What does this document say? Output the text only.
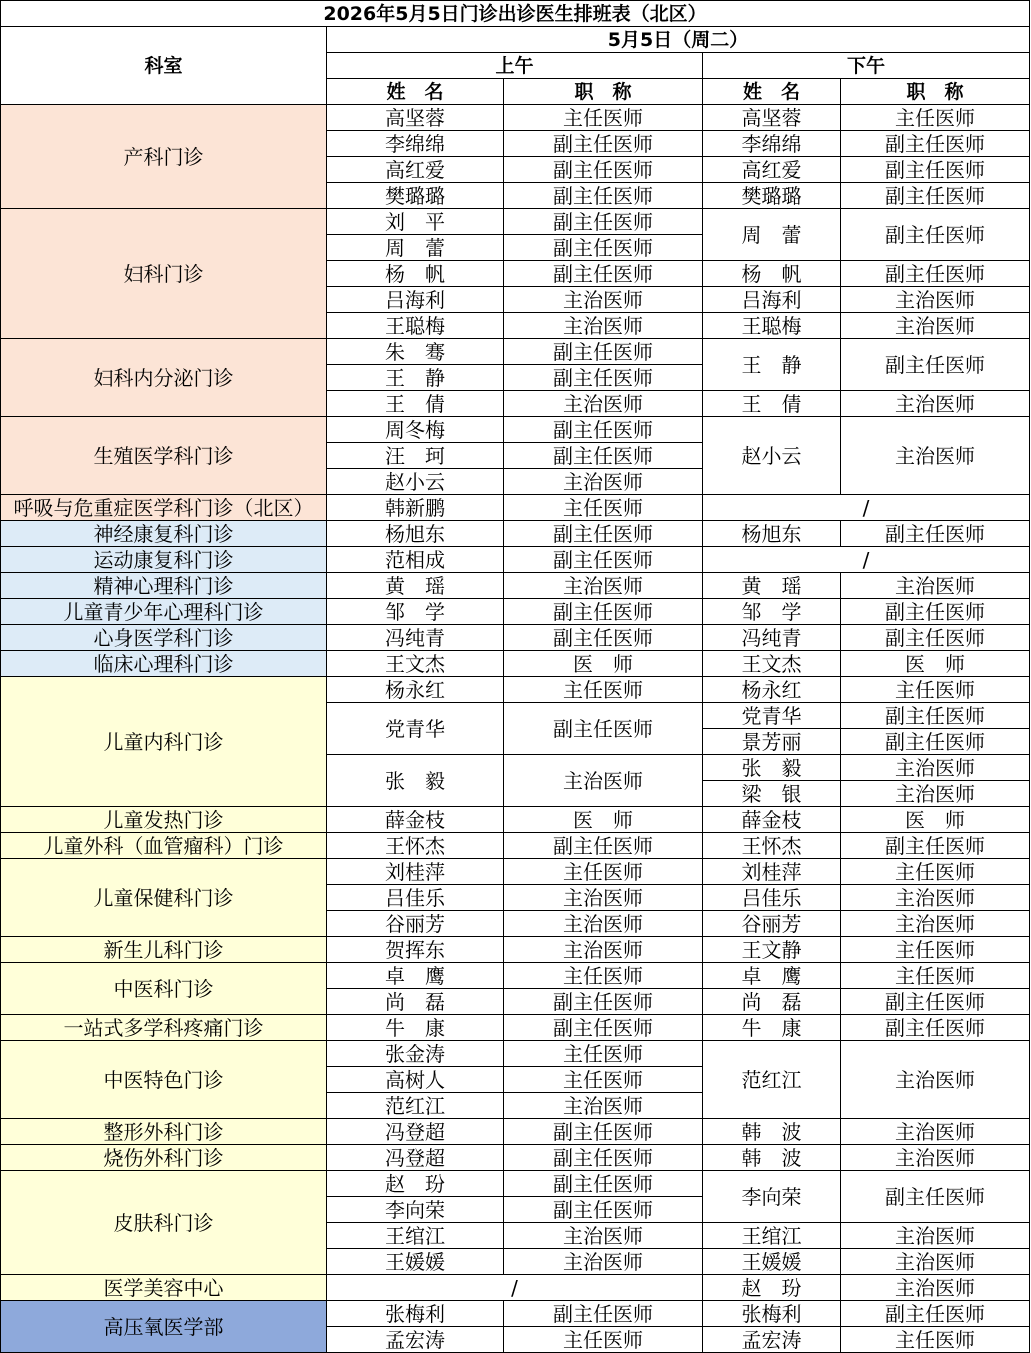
2026年5月5日门诊出诊医生排班表（北区）				
科室	5月5日（周二）			
	上午		下午	
	姓　名	职　称	姓　名	职　称
产科门诊	高坚蓉	主任医师	高坚蓉	主任医师
	李绵绵	副主任医师	李绵绵	副主任医师
	高红爱	副主任医师	高红爱	副主任医师
	樊璐璐	副主任医师	樊璐璐	副主任医师
妇科门诊	刘　平	副主任医师	周　蕾	副主任医师
	周　蕾	副主任医师		
	杨　帆	副主任医师	杨　帆	副主任医师
	吕海利	主治医师	吕海利	主治医师
	王聪梅	主治医师	王聪梅	主治医师
妇科内分泌门诊	朱　骞	副主任医师	王　静	副主任医师
	王　静	副主任医师		
	王　倩	主治医师	王　倩	主治医师
生殖医学科门诊	周冬梅	副主任医师	赵小云	主治医师
	汪　珂	副主任医师		
	赵小云	主治医师		
呼吸与危重症医学科门诊（北区）	韩新鹏	主任医师	/	
神经康复科门诊	杨旭东	副主任医师	杨旭东	副主任医师
运动康复科门诊	范相成	副主任医师	/	
精神心理科门诊	黄　瑶	主治医师	黄　瑶	主治医师
儿童青少年心理科门诊	邹　学	副主任医师	邹　学	副主任医师
心身医学科门诊	冯纯青	副主任医师	冯纯青	副主任医师
临床心理科门诊	王文杰	医　师	王文杰	医　师
儿童内科门诊	杨永红	主任医师	杨永红	主任医师
	党青华	副主任医师	党青华	副主任医师
			景芳丽	副主任医师
	张　毅	主治医师	张　毅	主治医师
			梁　银	主治医师
儿童发热门诊	薛金枝	医　师	薛金枝	医　师
儿童外科（血管瘤科）门诊	王怀杰	副主任医师	王怀杰	副主任医师
儿童保健科门诊	刘桂萍	主任医师	刘桂萍	主任医师
	吕佳乐	主治医师	吕佳乐	主治医师
	谷丽芳	主治医师	谷丽芳	主治医师
新生儿科门诊	贺挥东	主治医师	王文静	主任医师
中医科门诊	卓　鹰	主任医师	卓　鹰	主任医师
	尚　磊	副主任医师	尚　磊	副主任医师
一站式多学科疼痛门诊	牛　康	副主任医师	牛　康	副主任医师
中医特色门诊	张金涛	主任医师	范红江	主治医师
	高树人	主任医师		
	范红江	主治医师		
整形外科门诊	冯登超	副主任医师	韩　波	主治医师
烧伤外科门诊	冯登超	副主任医师	韩　波	主治医师
皮肤科门诊	赵　玢	副主任医师	李向荣	副主任医师
	李向荣	副主任医师		
	王绾江	主治医师	王绾江	主治医师
	王媛媛	主治医师	王媛媛	主治医师
医学美容中心	/		赵　玢	主治医师
高压氧医学部	张梅利	副主任医师	张梅利	副主任医师
	孟宏涛	主任医师	孟宏涛	主任医师
